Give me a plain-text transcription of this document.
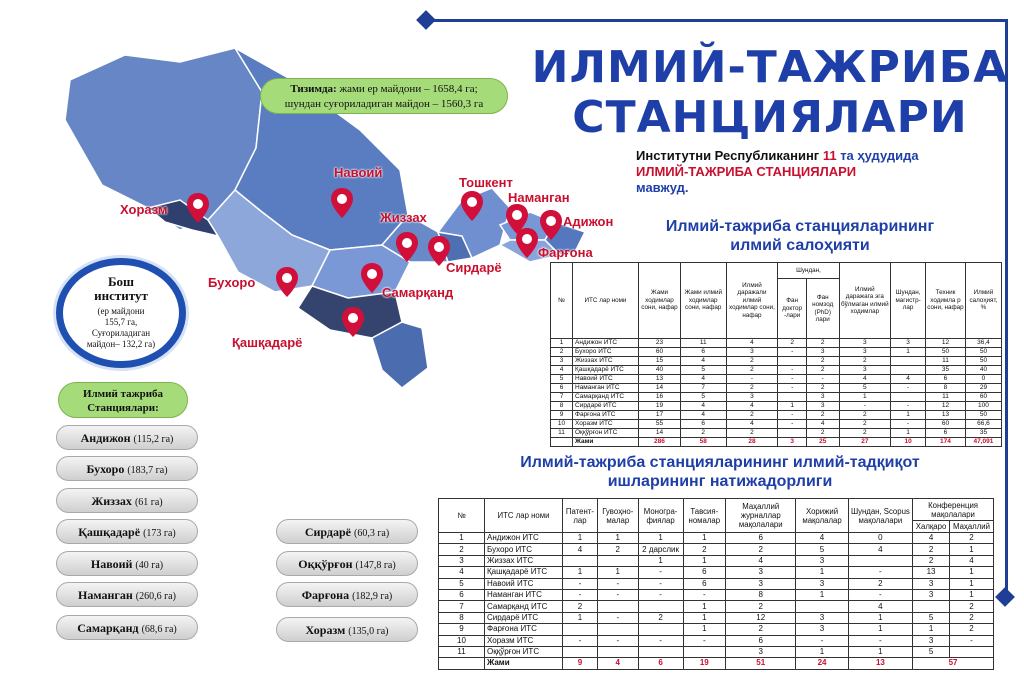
Хоразм
Навоий
Тошкент
Наманган
Адижон
Жиззах
Фарғона
Сирдарё
Бухоро
Самарқанд
Қашқадарё
Тизимда: жами ер майдони – 1658,4 га;
шундан суғориладиган майдон – 1560,3 га
ИЛМИЙ-ТАЖРИБА
СТАНЦИЯЛАРИ
Институтни Республиканинг 11 та ҳудудида
ИЛМИЙ-ТАЖРИБА СТАНЦИЯЛАРИ
мавжуд.
Бош
институт
(ер майдони
155,7 га,
Суғориладиган
майдон– 132,2 га)
Илмий тажриба
Станциялари:
Андижон (115,2 га)
Бухоро (183,7 га)
Жиззах (61 га)
Қашқадарё (173 га)
Навоий (40 га)
Наманган (260,6 га)
Самарқанд (68,6 га)
Сирдарё (60,3 га)
Оққўрғон (147,8 га)
Фарғона (182,9 га)
Хоразм (135,0 га)
Илмий-тажриба станцияларининг
илмий салоҳияти
№	ИТС лар номи	Жами ходимлар сони, нафар	Жами илмий ходимлар сони, нафар	Илмий даражали илмий ходимлар сони, нафар	Шундан,		Илмий даражага эга бўлмаган илмий ходимлар	Шундан, магистр-лар	Техник ходимла р сони, нафар	Илмий салоҳият, %
					Фан доктор -лари	Фан номзод (PhD) лари				
1	Андижон ИТС	23	11	4	2	2	3	3	12	36,4
2	Бухоро ИТС	60	6	3	-	3	3	1	50	50
3	Жиззах ИТС	15	4	2		2	2		11	50
4	Қашқадарё ИТС	40	5	2	-	2	3		35	40
5	Навоий ИТС	13	4	-	-	-	4	4	6	0
6	Наманган ИТС	14	7	2	-	2	5	-	8	29
7	Самарқанд ИТС	16	5	3		3	1		11	60
8	Сирдарё ИТС	19	4	4	1	3	-	-	12	100
9	Фарғона ИТС	17	4	2	-	2	2	1	13	50
10	Хоразм ИТС	55	6	4	-	4	2	-	60	66,6
11	Оққўрғон ИТС	14	2	2		2	2	1	6	35
	Жами	286	58	28	3	25	27	10	174	47,091
Илмий-тажриба станцияларининг илмий-тадқиқот
ишларининг натижадорлиги
№	ИТС лар номи	Патент-лар	Гувоҳно-малар	Моногра-фиялар	Тавсия-номалар	Маҳаллий журналлар мақолалари	Хорижий мақолалар	Шундан, Scopus мақолалари	Конференция мақолалари	
									Халқаро	Маҳаллий
1	Андижон ИТС	1	1	1	1	6	4	0	4	2
2	Бухоро ИТС	4	2	2 дарслик	2	2	5	4	2	1
3	Жиззах ИТС			1	1	4	3		2	4
4	Қашқадарё ИТС	1	1	-	6	3	1	-	13	1
5	Навоий ИТС	-	-	-	6	3	3	2	3	1
6	Наманган ИТС	-	-	-	-	8	1	-	3	1
7	Самарқанд ИТС	2			1	2		4		2
8	Сирдарё ИТС	1	-	2	1	12	3	1	5	2
9	Фарғона ИТС				1	2	3	1	1	2
10	Хоразм ИТС	-	-	-	-	6	-	-	3	-
11	Оққўрғон ИТС					3	1	1	5	
	Жами	9	4	6	19	51	24	13	57	
